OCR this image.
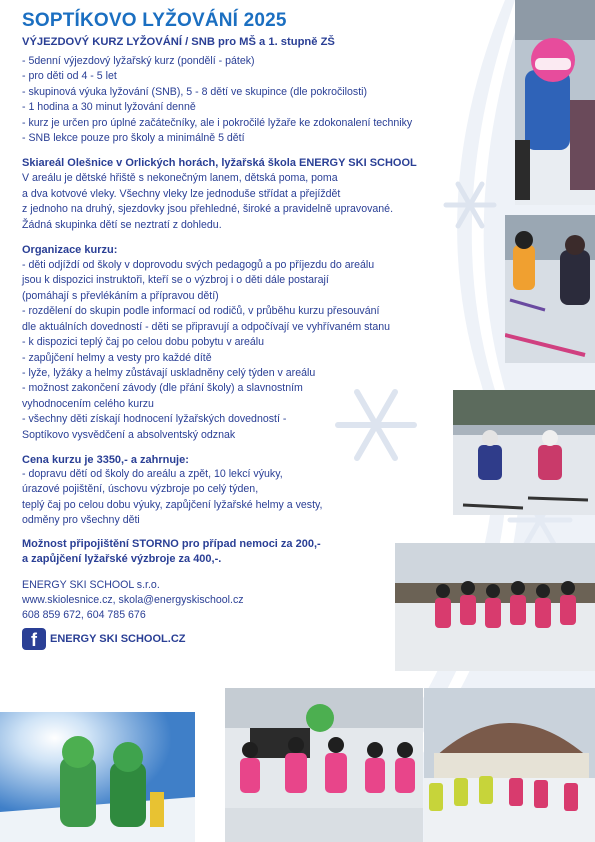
SOPTÍKOVO LYŽOVÁNÍ 2025
VÝJEZDOVÝ KURZ LYŽOVÁNÍ / SNB pro MŠ a 1. stupně ZŠ
- 5denní výjezdový lyžařský kurz (pondělí - pátek)
- pro děti od 4 - 5 let
- skupinová výuka lyžování (SNB), 5 - 8 dětí ve skupince (dle pokročilosti)
- 1 hodina a 30 minut lyžování denně
- kurz je určen pro úplné začátečníky, ale i pokročilé lyžaře ke zdokonalení techniky
- SNB lekce pouze pro školy a minimálně 5 dětí
Skiareál Olešnice v Orlických horách, lyžařská škola ENERGY SKI SCHOOL
V areálu je dětské hřiště s nekonečným lanem, dětská poma, poma
a dva kotvové vleky. Všechny vleky lze jednoduše střídat a přejíždět
z jednoho na druhý, sjezdovky jsou přehledné, široké a pravidelně upravované.
Žádná skupinka dětí se neztratí z dohledu.
Organizace kurzu:
- děti odjíždí od školy v doprovodu svých pedagogů a po příjezdu do areálu
jsou k dispozici instruktoři, kteří se o výzbroj i o děti dále postarají
(pomáhají s převlékáním a přípravou dětí)
- rozdělení do skupin podle informací od rodičů, v průběhu kurzu přesouvání
dle aktuálních dovedností - děti se připravují a odpočívají ve vyhřívaném stanu
- k dispozici teplý čaj po celou dobu pobytu v areálu
- zapůjčení helmy a vesty pro každé dítě
- lyže, lyžáky a helmy zůstávají uskladněny celý týden v areálu
- možnost zakončení závody (dle přání školy) a slavnostním
vyhodnocením celého kurzu
- všechny děti získají hodnocení lyžařských dovedností -
Soptíkovo vysvědčení a absolventský odznak
Cena kurzu je 3350,- a zahrnuje:
- dopravu dětí od školy do areálu a zpět, 10 lekcí výuky,
úrazové pojištění, úschovu výzbroje po celý týden,
teplý čaj po celou dobu výuky, zapůjčení lyžařské helmy a vesty,
odměny pro všechny děti
Možnost připojištění STORNO pro případ nemoci za 200,-
a zapůjčení lyžařské výzbroje za 400,-.
ENERGY SKI SCHOOL s.r.o.
www.skiolesnice.cz, skola@energyskischool.cz
608 859 672, 604 785 676
f	ENERGY SKI SCHOOL.CZ
